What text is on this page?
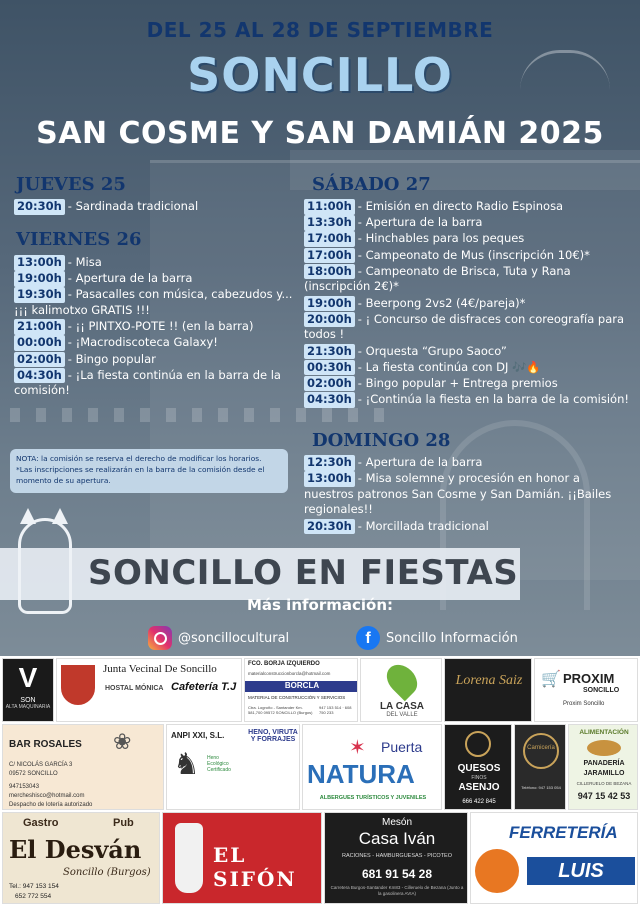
DEL 25 AL 28 DE SEPTIEMBRE
SONCILLO
SAN COSME Y SAN DAMIÁN 2025
JUEVES 25
20:30h - Sardinada tradicional
VIERNES 26
13:00h - Misa
19:00h - Apertura de la barra
19:30h - Pasacalles con música, cabezudos y... ¡¡¡ kalimotxo GRATIS !!!
21:00h - ¡¡ PINTXO-POTE !! (en la barra)
00:00h - ¡Macrodiscoteca Galaxy!
02:00h - Bingo popular
04:30h - ¡La fiesta continúa en la barra de la comisión!
SÁBADO 27
11:00h - Emisión en directo Radio Espinosa
13:30h - Apertura de la barra
17:00h - Hinchables para los peques
17:00h - Campeonato de Mus (inscripción 10€)*
18:00h - Campeonato de Brisca, Tuta y Rana (inscripción 2€)*
19:00h - Beerpong 2vs2 (4€/pareja)*
20:00h - ¡ Concurso de disfraces con coreografía para todos !
21:30h - Orquesta “Grupo Saoco”
00:30h - La fiesta continúa con DJ 🎶🔥
02:00h - Bingo popular + Entrega premios
04:30h - ¡Continúa la fiesta en la barra de la comisión!
DOMINGO 28
12:30h - Apertura de la barra
13:00h - Misa solemne y procesión en honor a nuestros patronos San Cosme y San Damián. ¡¡Bailes regionales!!
20:30h - Morcillada tradicional
NOTA: la comisión se reserva el derecho de modificar los horarios.
*Las inscripciones se realizarán en la barra de la comisión desde el momento de su apertura.
SONCILLO EN FIESTAS
Más información:
@soncillocultural	f	Soncillo Información
V
SON
ALTA MAQUINARIA
Junta Vecinal De Soncillo
HOSTAL MÓNICA Cafetería T.J
FCO. BORJA IZQUIERDO
materialconstruccionborcla@hotmail.com
BORCLA
MATERIAL DE CONSTRUCCIÓN Y SERVICIOS
Ctra. Logroño - Santander Km. 581,700 09572 SONCILLO (Burgos)
947 153 514 · 608 750 233
LA CASA
DEL VALLE
Lorena Saiz	🛒 PROXIM
SONCILLO
Proxim Soncillo
BAR ROSALES ❀
C/ NICOLÁS GARCÍA 3
09572 SONCILLO
947153043
mercheshisco@hotmail.com
Despacho de lotería autorizado
ANPI XXI, S.L.
♞ Heno Ecológico Certificado
HENO, VIRUTA Y FORRAJES	✶ Puerta
NATURA
ALBERGUES TURÍSTICOS Y JUVENILES
QUESOS
FINOS
ASENJO
666 422 845
Carnicería
Teléfono: 947 153 054
ALIMENTACIÓN
PANADERÍA
JARAMILLO
CILLERUELO DE BEZANA
947 15 42 53
Gastro	Pub
El Desván
Soncillo (Burgos)
Tel.: 947 153 154
652 772 554
EL SIFÓN
Mesón
Casa Iván
RACIONES - HAMBURGUESAS - PICOTEO
681 91 54 28
Carretera Burgos-Santander Km83 - Cilleruelo de Bezana (Junto a la gasolinera AVIA)
FERRETERÍA
LUIS
